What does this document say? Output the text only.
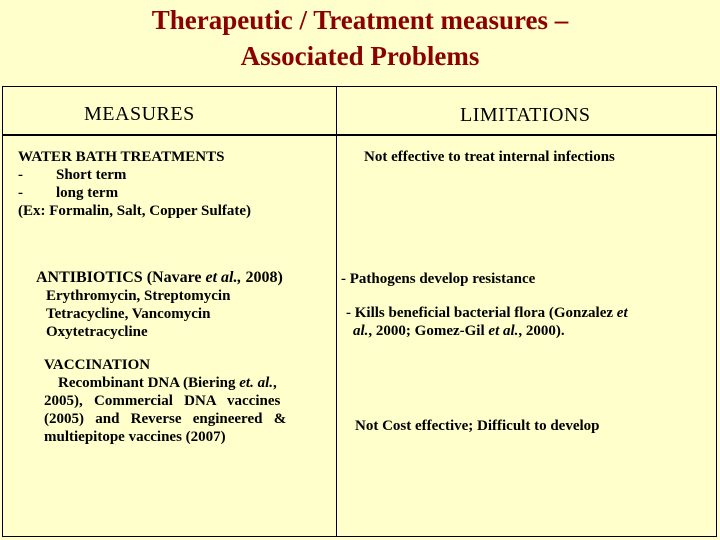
Therapeutic / Treatment measures –
Associated Problems
MEASURES	LIMITATIONS
WATER BATH TREATMENTS
- Short term
- long term
(Ex: Formalin, Salt, Copper Sulfate)
Not effective to treat internal infections
ANTIBIOTICS (Navare et al., 2008)
Erythromycin, Streptomycin
Tetracycline, Vancomycin
Oxytetracycline
- Pathogens develop resistance
- Kills beneficial bacterial flora (Gonzalez et
al., 2000; Gomez-Gil et al., 2000).
VACCINATION
Recombinant DNA (Biering et. al.,
2005),   Commercial   DNA   vaccines
(2005)   and   Reverse   engineered   &
multiepitope vaccines (2007)
Not Cost effective; Difficult to develop
